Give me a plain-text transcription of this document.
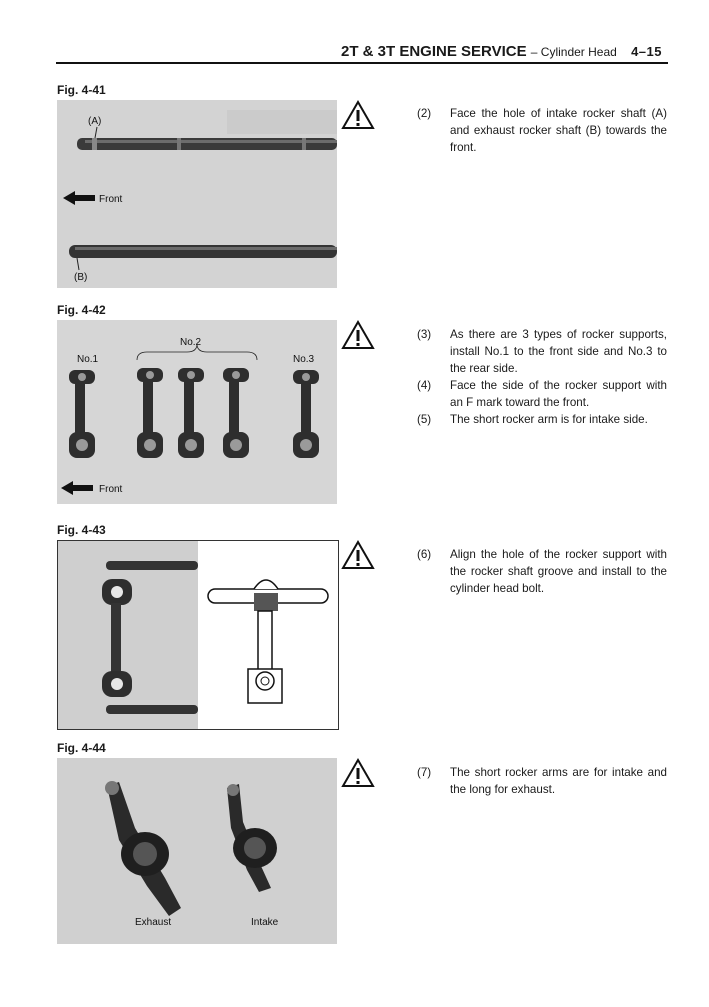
2T & 3T ENGINE SERVICE – Cylinder Head 4–15
Fig. 4-41
(A)
(B)
Front
(2) Face the hole of intake rocker shaft (A) and exhaust rocker shaft (B) towards the front.
Fig. 4-42
No.1
No.2
No.3
Front
(3) As there are 3 types of rocker supports, install No.1 to the front side and No.3 to the rear side.
(4) Face the side of the rocker support with an F mark toward the front.
(5) The short rocker arm is for intake side.
Fig. 4-43
(6) Align the hole of the rocker support with the rocker shaft groove and install to the cylinder head bolt.
Fig. 4-44
Exhaust	Intake
(7) The short rocker arms are for intake and the long for exhaust.
